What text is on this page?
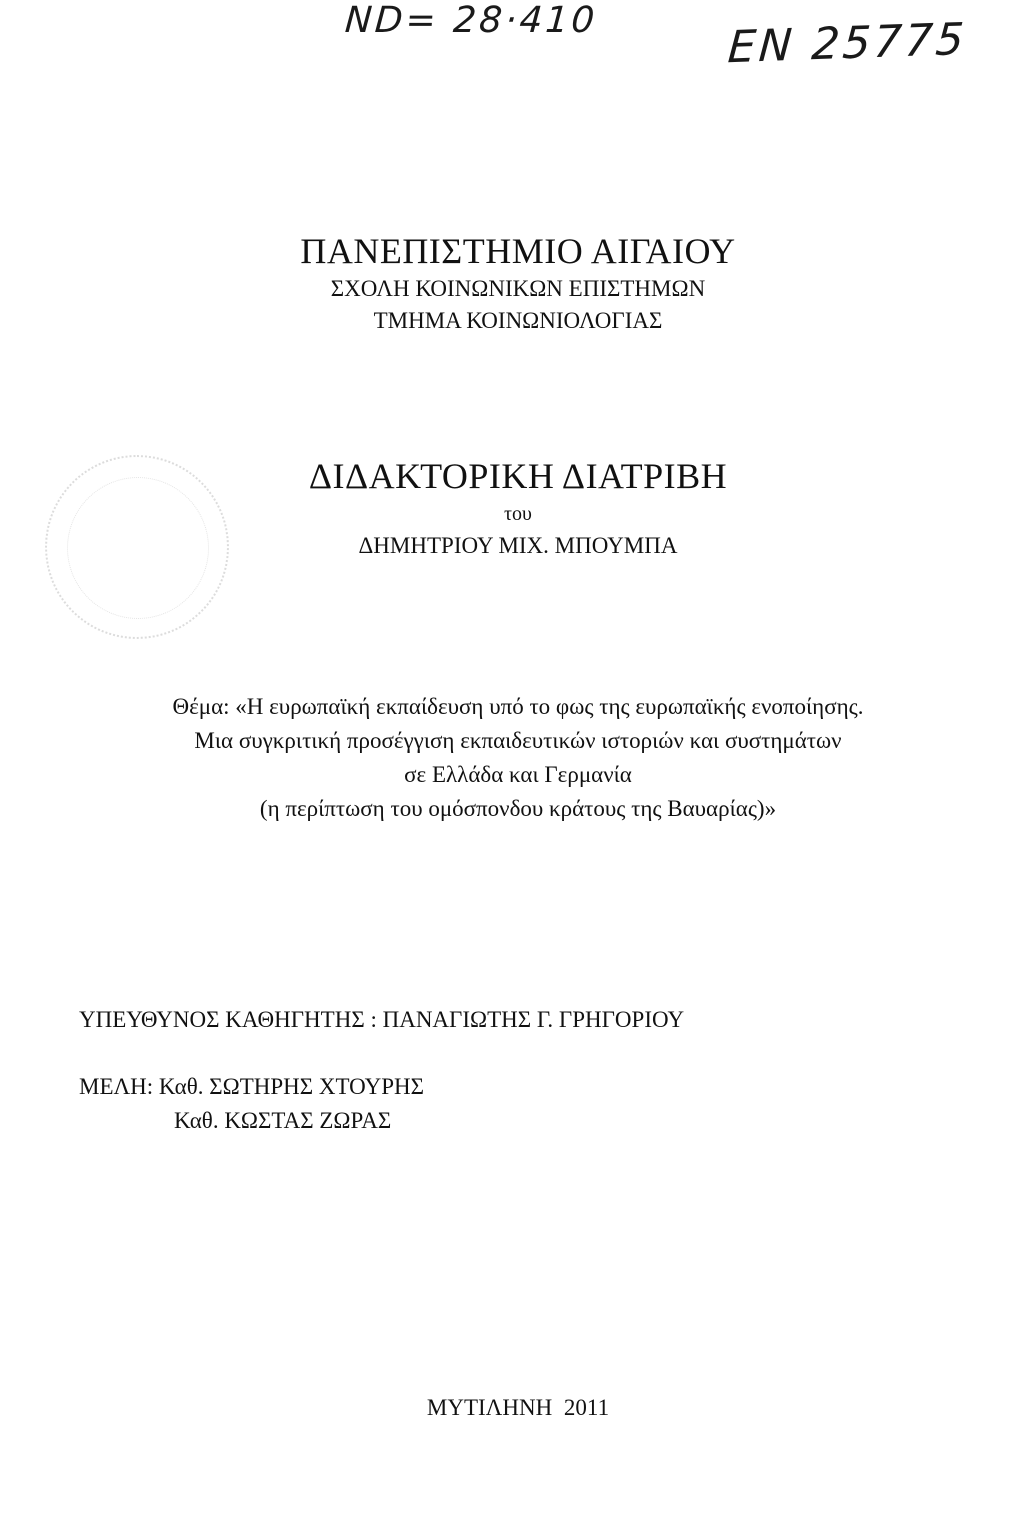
ND= 28·410	EN 25775
ΠΑΝΕΠΙΣΤΗΜΙΟ ΑΙΓΑΙΟΥ
ΣΧΟΛΗ ΚΟΙΝΩΝΙΚΩΝ ΕΠΙΣΤΗΜΩΝ
ΤΜΗΜΑ ΚΟΙΝΩΝΙΟΛΟΓΙΑΣ
ΔΙΔΑΚΤΟΡΙΚΗ ΔΙΑΤΡΙΒΗ
του
ΔΗΜΗΤΡΙΟΥ ΜΙΧ. ΜΠΟΥΜΠΑ
Θέμα: «Η ευρωπαϊκή εκπαίδευση υπό το φως της ευρωπαϊκής ενοποίησης.
Μια συγκριτική προσέγγιση εκπαιδευτικών ιστοριών και συστημάτων
σε Ελλάδα και Γερμανία
(η περίπτωση του ομόσπονδου κράτους της Βαυαρίας)»
ΥΠΕΥΘΥΝΟΣ ΚΑΘΗΓΗΤΗΣ : ΠΑΝΑΓΙΩΤΗΣ Γ. ΓΡΗΓΟΡΙΟΥ
ΜΕΛΗ: Καθ. ΣΩΤΗΡΗΣ ΧΤΟΥΡΗΣ
Καθ. ΚΩΣΤΑΣ ΖΩΡΑΣ
ΜΥΤΙΛΗΝΗ 2011
